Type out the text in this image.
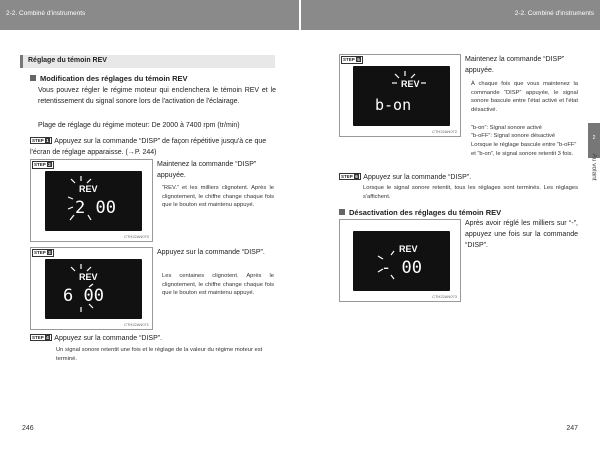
2-2. Combiné d'instruments	2-2. Combiné d'instruments
2
Au volant
Réglage du témoin REV
Modification des réglages du témoin REV
Vous pouvez régler le régime moteur qui enclenchera le témoin REV et le retentissement du signal sonore lors de l'activation de l'éclairage.
Plage de réglage du régime moteur: De 2000 à 7400 rpm (tr/min)
STEP 1 Appuyez sur la commande “DISP” de façon répétitive jusqu'à ce que l'écran de réglage apparaisse. (→P. 244)
STEP 2
REV
2 00
CTH22AN070
Maintenez la commande “DISP” appuyée.
“REV.” et les milliers clignotent. Après le clignotement, le chiffre change chaque fois que le bouton est maintenu appuyé.
STEP 3
REV
6 00
CTH22AN071
Appuyez sur la commande “DISP”.
Les centaines clignotent. Après le clignotement, le chiffre change chaque fois que le bouton est maintenu appuyé.
STEP 4 Appuyez sur la commande “DISP”.
Un signal sonore retentit une fois et le réglage de la valeur du régime moteur est terminé.
246
STEP 5
REV
b-on
CTH22AN072
Maintenez la commande “DISP” appuyée.
À chaque fois que vous maintenez la commande “DISP” appuyée, le signal sonore bascule entre l'état activé et l'état désactivé.
“b-on”: Signal sonore activé
“b-oFF”: Signal sonore désactivé
Lorsque le réglage bascule entre “b-oFF” et “b-on”, le signal sonore retentit 3 fois.
STEP 6 Appuyez sur la commande “DISP”.
Lorsque le signal sonore retentit, tous les réglages sont terminés. Les réglages s'affichent.
Désactivation des réglages du témoin REV
REV
- 00
CTH22AN073
Après avoir réglé les milliers sur “-”, appuyez une fois sur la commande “DISP”.
247
